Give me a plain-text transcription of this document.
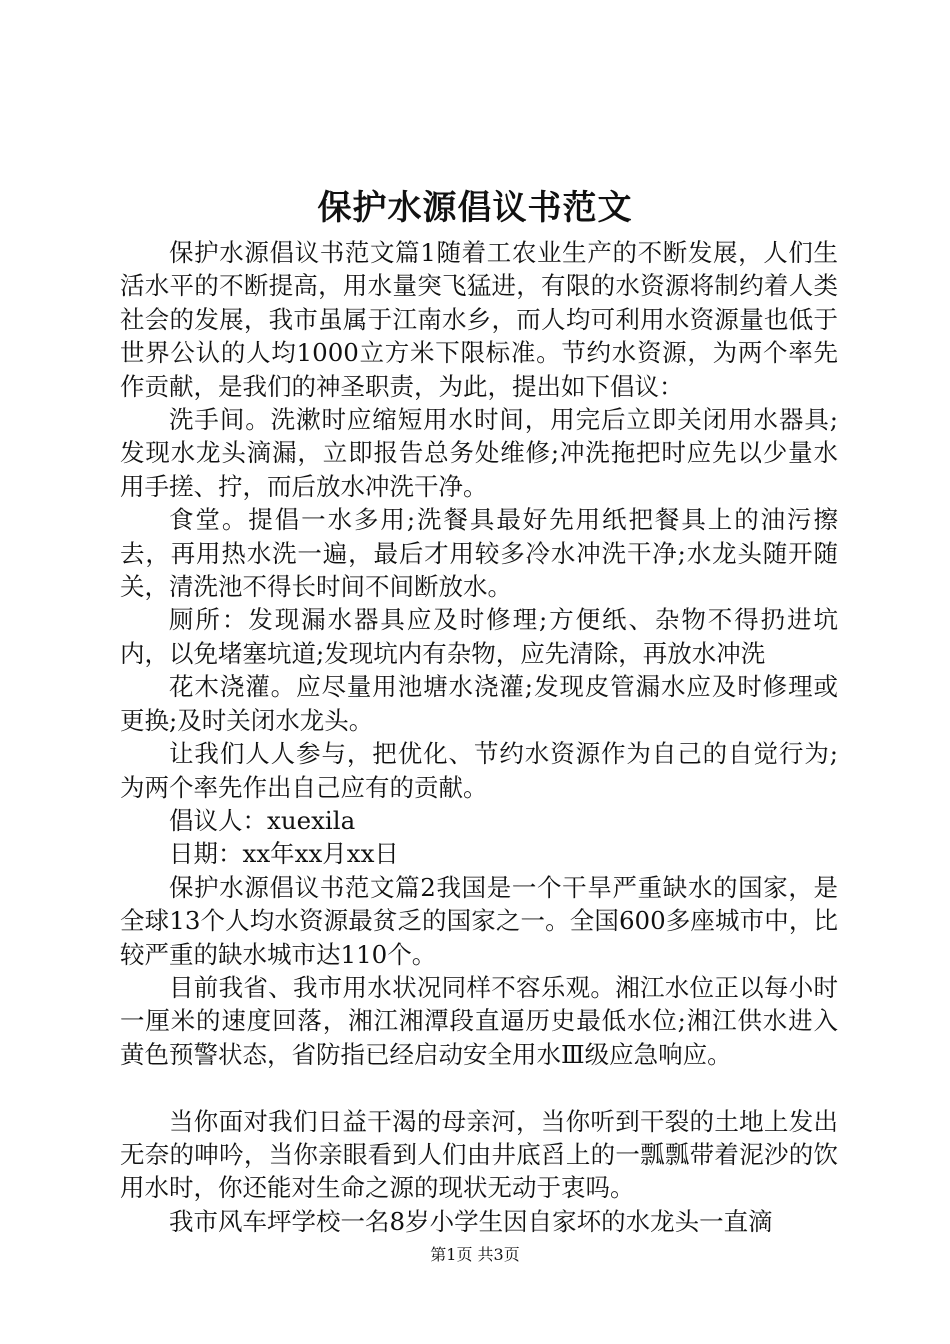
保护水源倡议书范文

保护水源倡议书范文篇1随着工农业生产的不断发展，人们生活水平的不断提高，用水量突飞猛进，有限的水资源将制约着人类社会的发展，我市虽属于江南水乡，而人均可利用水资源量也低于世界公认的人均1000立方米下限标准。节约水资源，为两个率先作贡献，是我们的神圣职责，为此，提出如下倡议：

洗手间。洗漱时应缩短用水时间，用完后立即关闭用水器具;发现水龙头滴漏，立即报告总务处维修;冲洗拖把时应先以少量水用手搓、拧，而后放水冲洗干净。

食堂。提倡一水多用;洗餐具最好先用纸把餐具上的油污擦去，再用热水洗一遍，最后才用较多冷水冲洗干净;水龙头随开随关，清洗池不得长时间不间断放水。

厕所：发现漏水器具应及时修理;方便纸、杂物不得扔进坑内，以免堵塞坑道;发现坑内有杂物，应先清除，再放水冲洗

花木浇灌。应尽量用池塘水浇灌;发现皮管漏水应及时修理或更换;及时关闭水龙头。

让我们人人参与，把优化、节约水资源作为自己的自觉行为;为两个率先作出自己应有的贡献。

倡议人：xuexila

日期：xx年xx月xx日

保护水源倡议书范文篇2我国是一个干旱严重缺水的国家，是全球13个人均水资源最贫乏的国家之一。全国600多座城市中，比较严重的缺水城市达110个。

目前我省、我市用水状况同样不容乐观。湘江水位正以每小时一厘米的速度回落，湘江湘潭段直逼历史最低水位;湘江供水进入黄色预警状态，省防指已经启动安全用水Ⅲ级应急响应。

当你面对我们日益干渴的母亲河，当你听到干裂的土地上发出无奈的呻吟，当你亲眼看到人们由井底舀上的一瓢瓢带着泥沙的饮用水时，你还能对生命之源的现状无动于衷吗。

我市风车坪学校一名8岁小学生因自家坏的水龙头一直滴

第1页 共3页
